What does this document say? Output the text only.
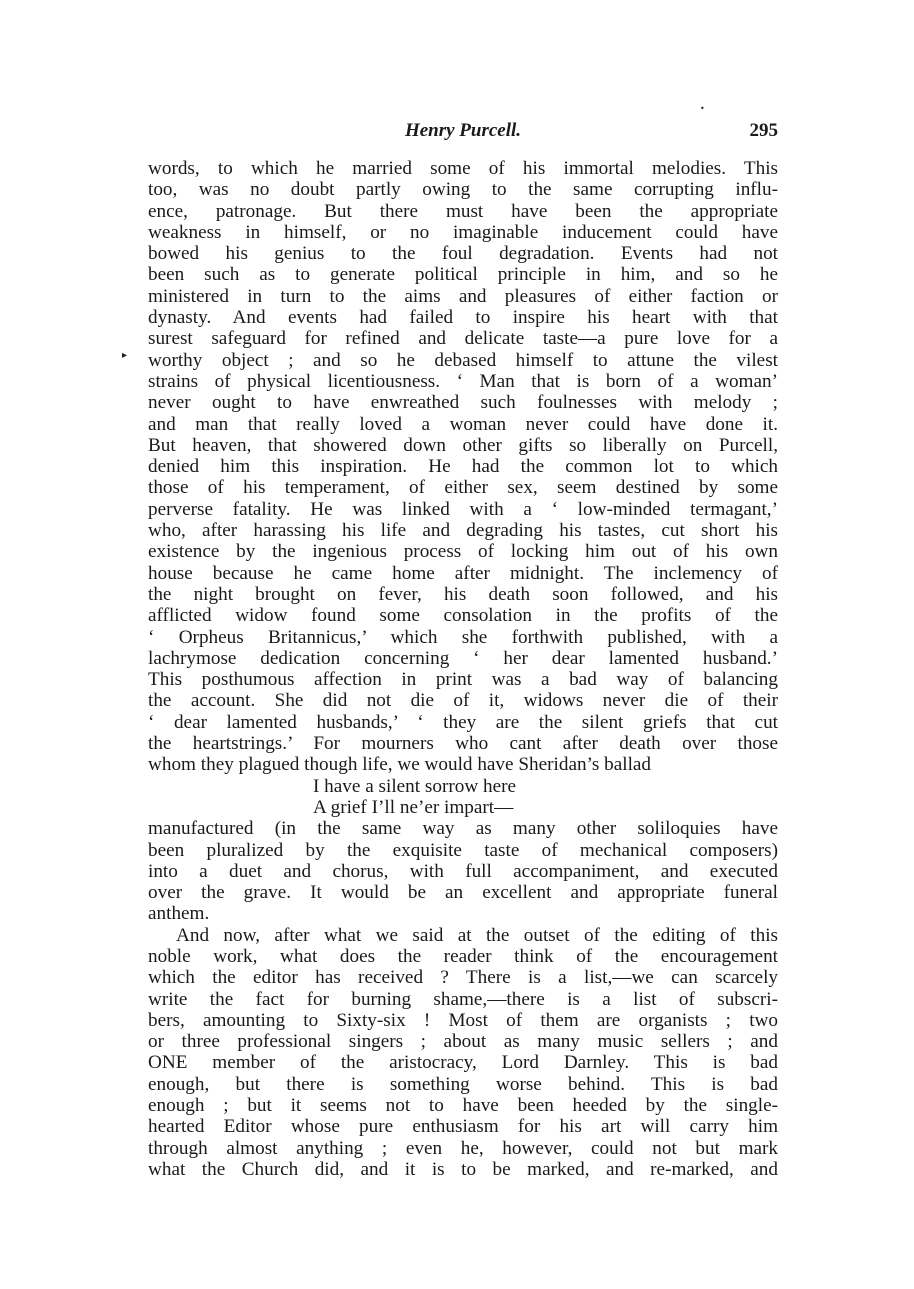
•
Henry Purcell.	295
▸
words, to which he married some of his immortal melodies. This
too, was no doubt partly owing to the same corrupting influ-
ence, patronage. But there must have been the appropriate
weakness in himself, or no imaginable inducement could have
bowed his genius to the foul degradation. Events had not
been such as to generate political principle in him, and so he
ministered in turn to the aims and pleasures of either faction or
dynasty. And events had failed to inspire his heart with that
surest safeguard for refined and delicate taste—a pure love for a
worthy object ; and so he debased himself to attune the vilest
strains of physical licentiousness. ‘ Man that is born of a woman’
never ought to have enwreathed such foulnesses with melody ;
and man that really loved a woman never could have done it.
But heaven, that showered down other gifts so liberally on Purcell,
denied him this inspiration. He had the common lot to which
those of his temperament, of either sex, seem destined by some
perverse fatality. He was linked with a ‘ low-minded termagant,’
who, after harassing his life and degrading his tastes, cut short his
existence by the ingenious process of locking him out of his own
house because he came home after midnight. The inclemency of
the night brought on fever, his death soon followed, and his
afflicted widow found some consolation in the profits of the
‘ Orpheus Britannicus,’ which she forthwith published, with a
lachrymose dedication concerning ‘ her dear lamented husband.’
This posthumous affection in print was a bad way of balancing
the account. She did not die of it, widows never die of their
‘ dear lamented husbands,’ ‘ they are the silent griefs that cut
the heartstrings.’ For mourners who cant after death over those
whom they plagued though life, we would have Sheridan’s ballad
I have a silent sorrow here
A grief I’ll ne’er impart—
manufactured (in the same way as many other soliloquies have
been pluralized by the exquisite taste of mechanical composers)
into a duet and chorus, with full accompaniment, and executed
over the grave. It would be an excellent and appropriate funeral
anthem.
And now, after what we said at the outset of the editing of this
noble work, what does the reader think of the encouragement
which the editor has received ? There is a list,—we can scarcely
write the fact for burning shame,—there is a list of subscri-
bers, amounting to Sixty-six ! Most of them are organists ; two
or three professional singers ; about as many music sellers ; and
ONE member of the aristocracy, Lord Darnley. This is bad
enough, but there is something worse behind. This is bad
enough ; but it seems not to have been heeded by the single-
hearted Editor whose pure enthusiasm for his art will carry him
through almost anything ; even he, however, could not but mark
what the Church did, and it is to be marked, and re-marked, and
